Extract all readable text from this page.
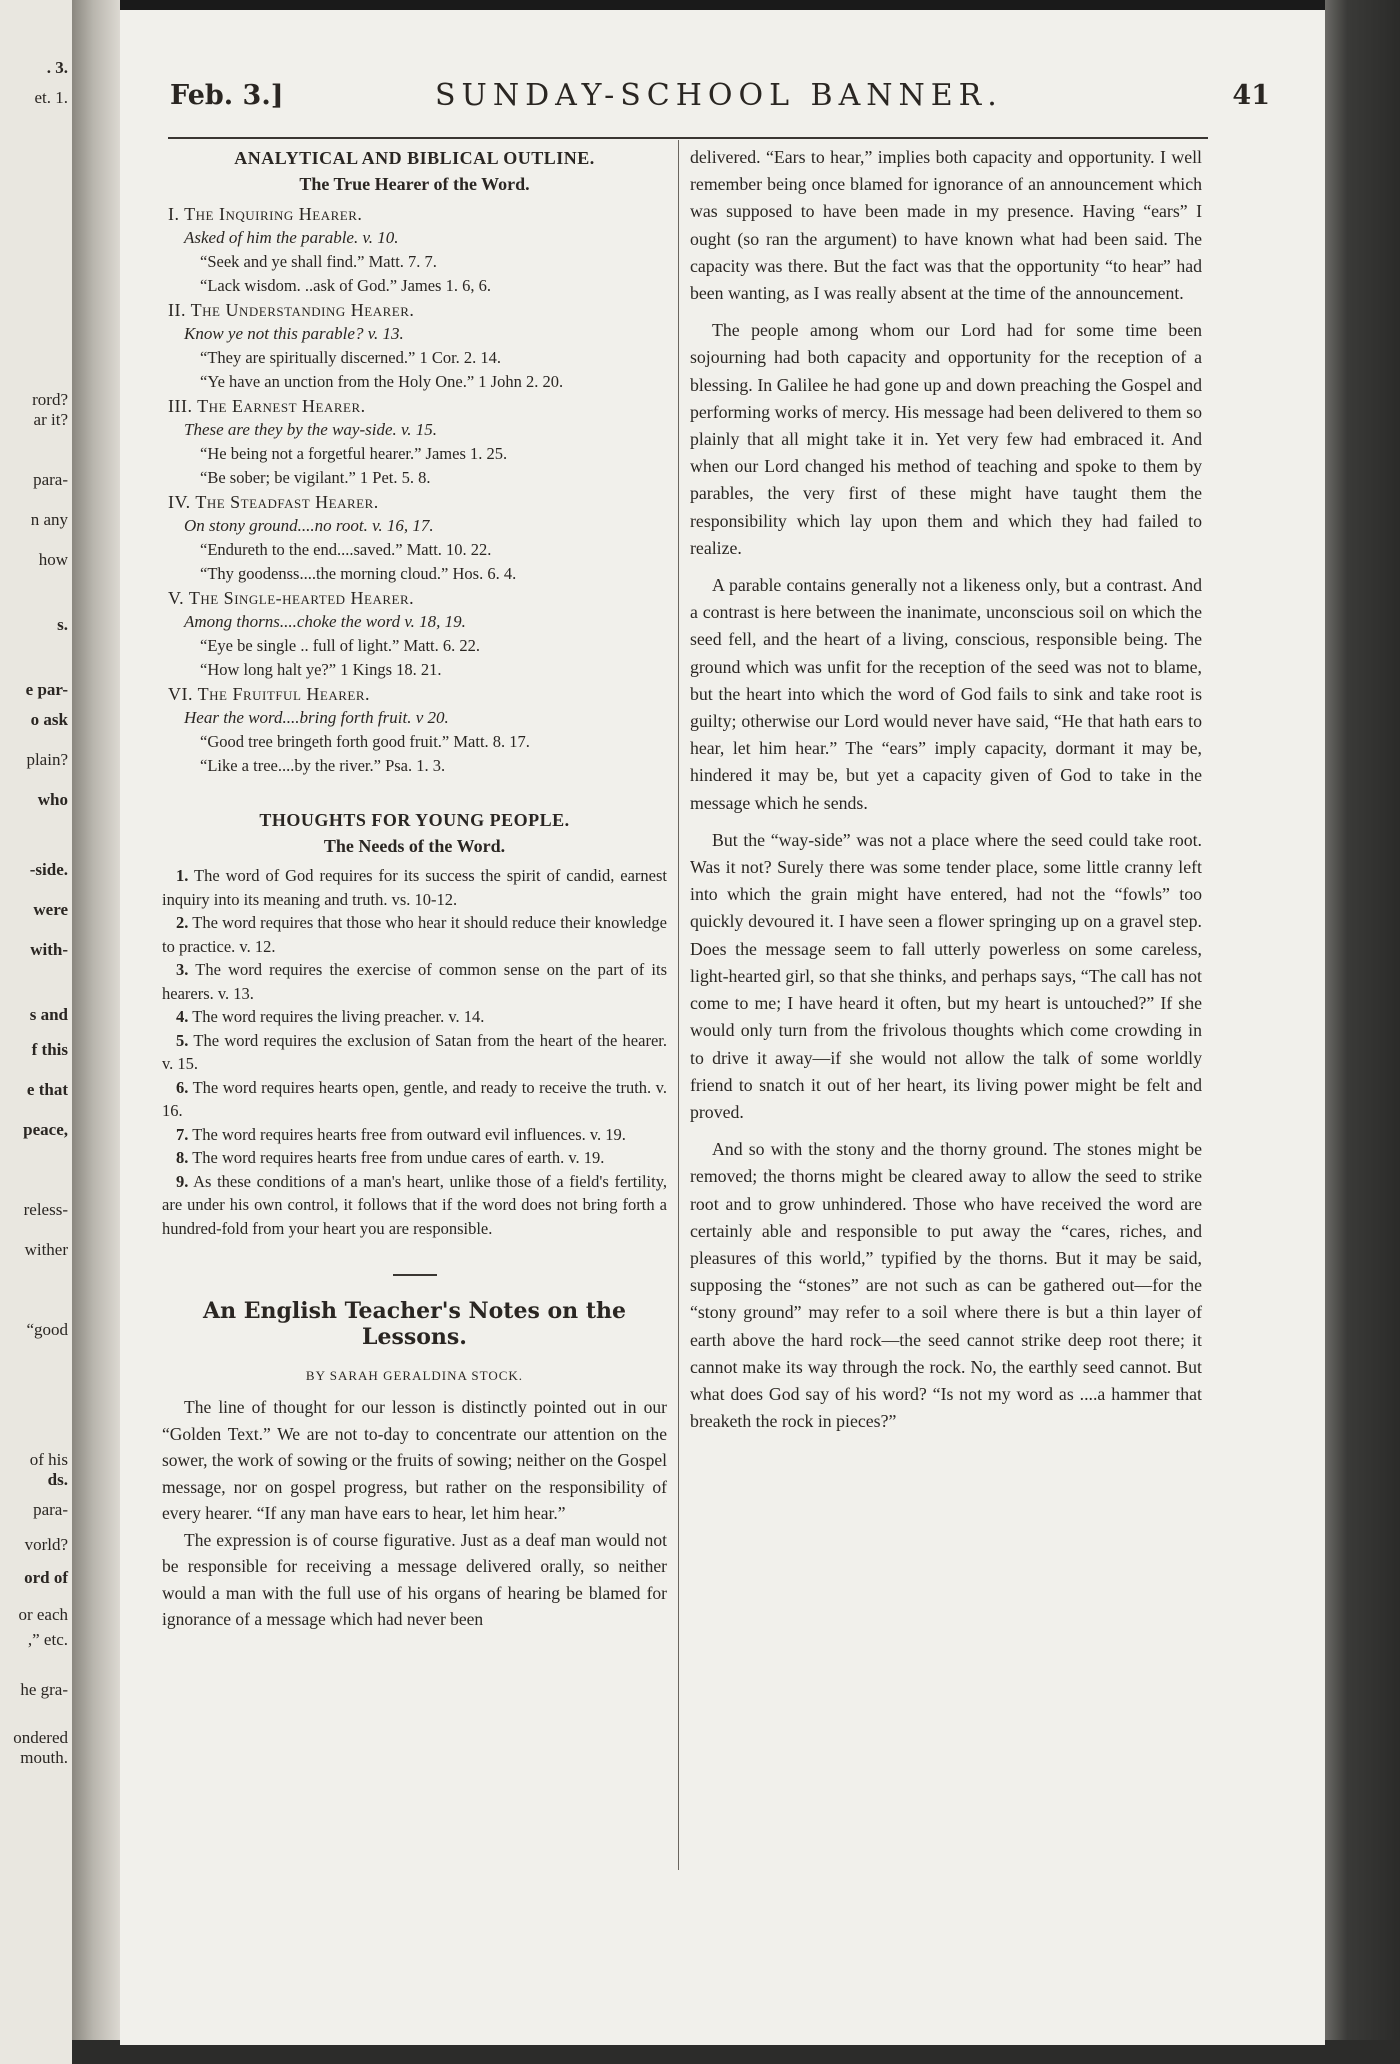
. 3.
et. 1.
rord?
ar it?
para-
n any
how
s.
e par-
o ask
plain?
who
-side.
were
with-
s and
f this
e that
peace,
reless-
wither
“good
of his
ds.
para-
vorld?
ord of
or each
,” etc.
he gra-
ondered
mouth.
Feb. 3.]	SUNDAY-SCHOOL BANNER.	41

ANALYTICAL AND BIBLICAL OUTLINE.

The True Hearer of the Word.

I. The Inquiring Hearer.

Asked of him the parable. v. 10.

“Seek and ye shall find.” Matt. 7. 7.

“Lack wisdom. ..ask of God.” James 1. 6, 6.

II. The Understanding Hearer.

Know ye not this parable? v. 13.

“They are spiritually discerned.” 1 Cor. 2. 14.

“Ye have an unction from the Holy One.” 1 John 2. 20.

III. The Earnest Hearer.

These are they by the way-side. v. 15.

“He being not a forgetful hearer.” James 1. 25.

“Be sober; be vigilant.” 1 Pet. 5. 8.

IV. The Steadfast Hearer.

On stony ground....no root. v. 16, 17.

“Endureth to the end....saved.” Matt. 10. 22.

“Thy goodenss....the morning cloud.” Hos. 6. 4.

V. The Single-hearted Hearer.

Among thorns....choke the word v. 18, 19.

“Eye be single .. full of light.” Matt. 6. 22.

“How long halt ye?” 1 Kings 18. 21.

VI. The Fruitful Hearer.

Hear the word....bring forth fruit. v 20.

“Good tree bringeth forth good fruit.” Matt. 8. 17.

“Like a tree....by the river.” Psa. 1. 3.

THOUGHTS FOR YOUNG PEOPLE.

The Needs of the Word.

1. The word of God requires for its success the spirit of candid, earnest inquiry into its meaning and truth. vs. 10-12.

2. The word requires that those who hear it should reduce their knowledge to practice. v. 12.

3. The word requires the exercise of common sense on the part of its hearers. v. 13.

4. The word requires the living preacher. v. 14.

5. The word requires the exclusion of Satan from the heart of the hearer. v. 15.

6. The word requires hearts open, gentle, and ready to receive the truth. v. 16.

7. The word requires hearts free from outward evil influences. v. 19.

8. The word requires hearts free from undue cares of earth. v. 19.

9. As these conditions of a man's heart, unlike those of a field's fertility, are under his own control, it follows that if the word does not bring forth a hundred-fold from your heart you are responsible.

An English Teacher's Notes on the Lessons.

BY SARAH GERALDINA STOCK.

The line of thought for our lesson is distinctly pointed out in our “Golden Text.” We are not to-day to concentrate our attention on the sower, the work of sowing or the fruits of sowing; neither on the Gospel message, nor on gospel progress, but rather on the responsibility of every hearer. “If any man have ears to hear, let him hear.”

The expression is of course figurative. Just as a deaf man would not be responsible for receiving a message delivered orally, so neither would a man with the full use of his organs of hearing be blamed for ignorance of a message which had never been

delivered. “Ears to hear,” implies both capacity and opportunity. I well remember being once blamed for ignorance of an announcement which was supposed to have been made in my presence. Having “ears” I ought (so ran the argument) to have known what had been said. The capacity was there. But the fact was that the opportunity “to hear” had been wanting, as I was really absent at the time of the announcement.

The people among whom our Lord had for some time been sojourning had both capacity and opportunity for the reception of a blessing. In Galilee he had gone up and down preaching the Gospel and performing works of mercy. His message had been delivered to them so plainly that all might take it in. Yet very few had embraced it. And when our Lord changed his method of teaching and spoke to them by parables, the very first of these might have taught them the responsibility which lay upon them and which they had failed to realize.

A parable contains generally not a likeness only, but a contrast. And a contrast is here between the inanimate, unconscious soil on which the seed fell, and the heart of a living, conscious, responsible being. The ground which was unfit for the reception of the seed was not to blame, but the heart into which the word of God fails to sink and take root is guilty; otherwise our Lord would never have said, “He that hath ears to hear, let him hear.” The “ears” imply capacity, dormant it may be, hindered it may be, but yet a capacity given of God to take in the message which he sends.

But the “way-side” was not a place where the seed could take root. Was it not? Surely there was some tender place, some little cranny left into which the grain might have entered, had not the “fowls” too quickly devoured it. I have seen a flower springing up on a gravel step. Does the message seem to fall utterly powerless on some careless, light-hearted girl, so that she thinks, and perhaps says, “The call has not come to me; I have heard it often, but my heart is untouched?” If she would only turn from the frivolous thoughts which come crowding in to drive it away—if she would not allow the talk of some worldly friend to snatch it out of her heart, its living power might be felt and proved.

And so with the stony and the thorny ground. The stones might be removed; the thorns might be cleared away to allow the seed to strike root and to grow unhindered. Those who have received the word are certainly able and responsible to put away the “cares, riches, and pleasures of this world,” typified by the thorns. But it may be said, supposing the “stones” are not such as can be gathered out—for the “stony ground” may refer to a soil where there is but a thin layer of earth above the hard rock—the seed cannot strike deep root there; it cannot make its way through the rock. No, the earthly seed cannot. But what does God say of his word? “Is not my word as ....a hammer that breaketh the rock in pieces?”
